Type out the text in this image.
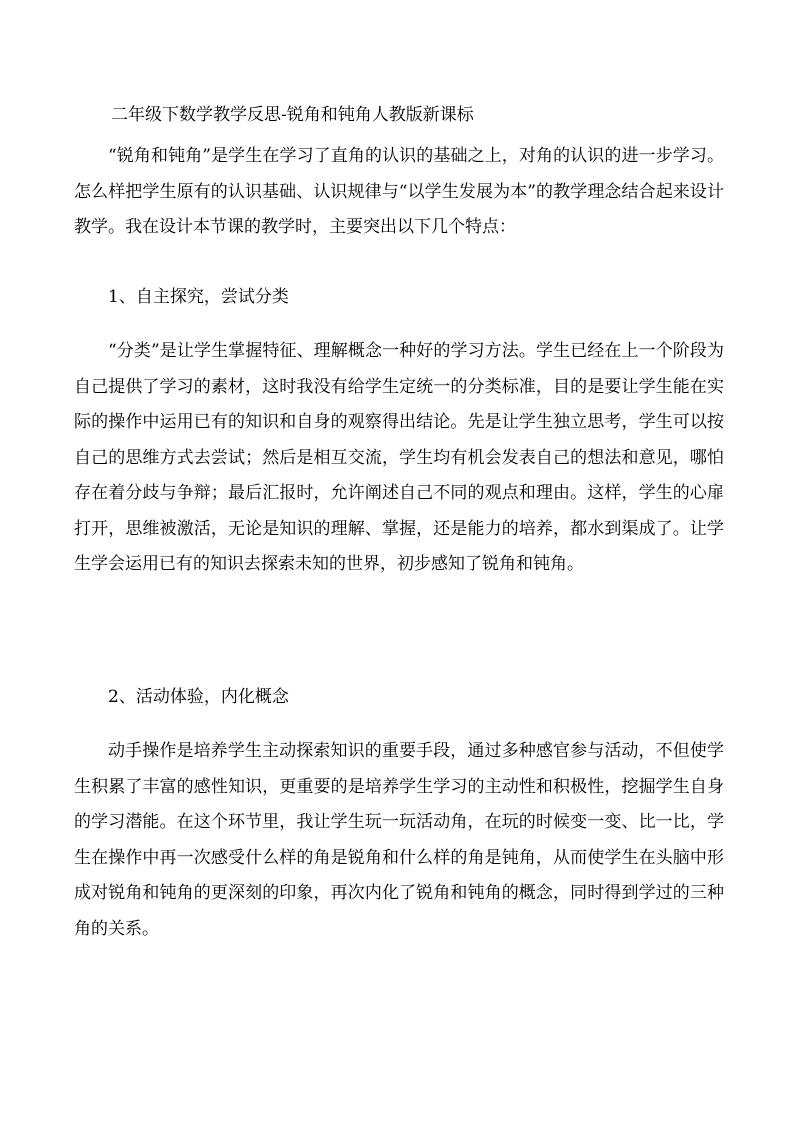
二年级下数学教学反思-锐角和钝角人教版新课标

“锐角和钝角”是学生在学习了直角的认识的基础之上，对角的认识的进一步学习。怎么样把学生原有的认识基础、认识规律与“以学生发展为本”的教学理念结合起来设计教学。我在设计本节课的教学时，主要突出以下几个特点：

1、自主探究，尝试分类

“分类”是让学生掌握特征、理解概念一种好的学习方法。学生已经在上一个阶段为自己提供了学习的素材，这时我没有给学生定统一的分类标准，目的是要让学生能在实际的操作中运用已有的知识和自身的观察得出结论。先是让学生独立思考，学生可以按自己的思维方式去尝试；然后是相互交流，学生均有机会发表自己的想法和意见，哪怕存在着分歧与争辩；最后汇报时，允许阐述自己不同的观点和理由。这样，学生的心扉打开，思维被激活，无论是知识的理解、掌握，还是能力的培养，都水到渠成了。让学生学会运用已有的知识去探索未知的世界，初步感知了锐角和钝角。

2、活动体验，内化概念

动手操作是培养学生主动探索知识的重要手段，通过多种感官参与活动，不但使学生积累了丰富的感性知识，更重要的是培养学生学习的主动性和积极性，挖掘学生自身的学习潜能。在这个环节里，我让学生玩一玩活动角，在玩的时候变一变、比一比，学生在操作中再一次感受什么样的角是锐角和什么样的角是钝角，从而使学生在头脑中形成对锐角和钝角的更深刻的印象，再次内化了锐角和钝角的概念，同时得到学过的三种角的关系。
